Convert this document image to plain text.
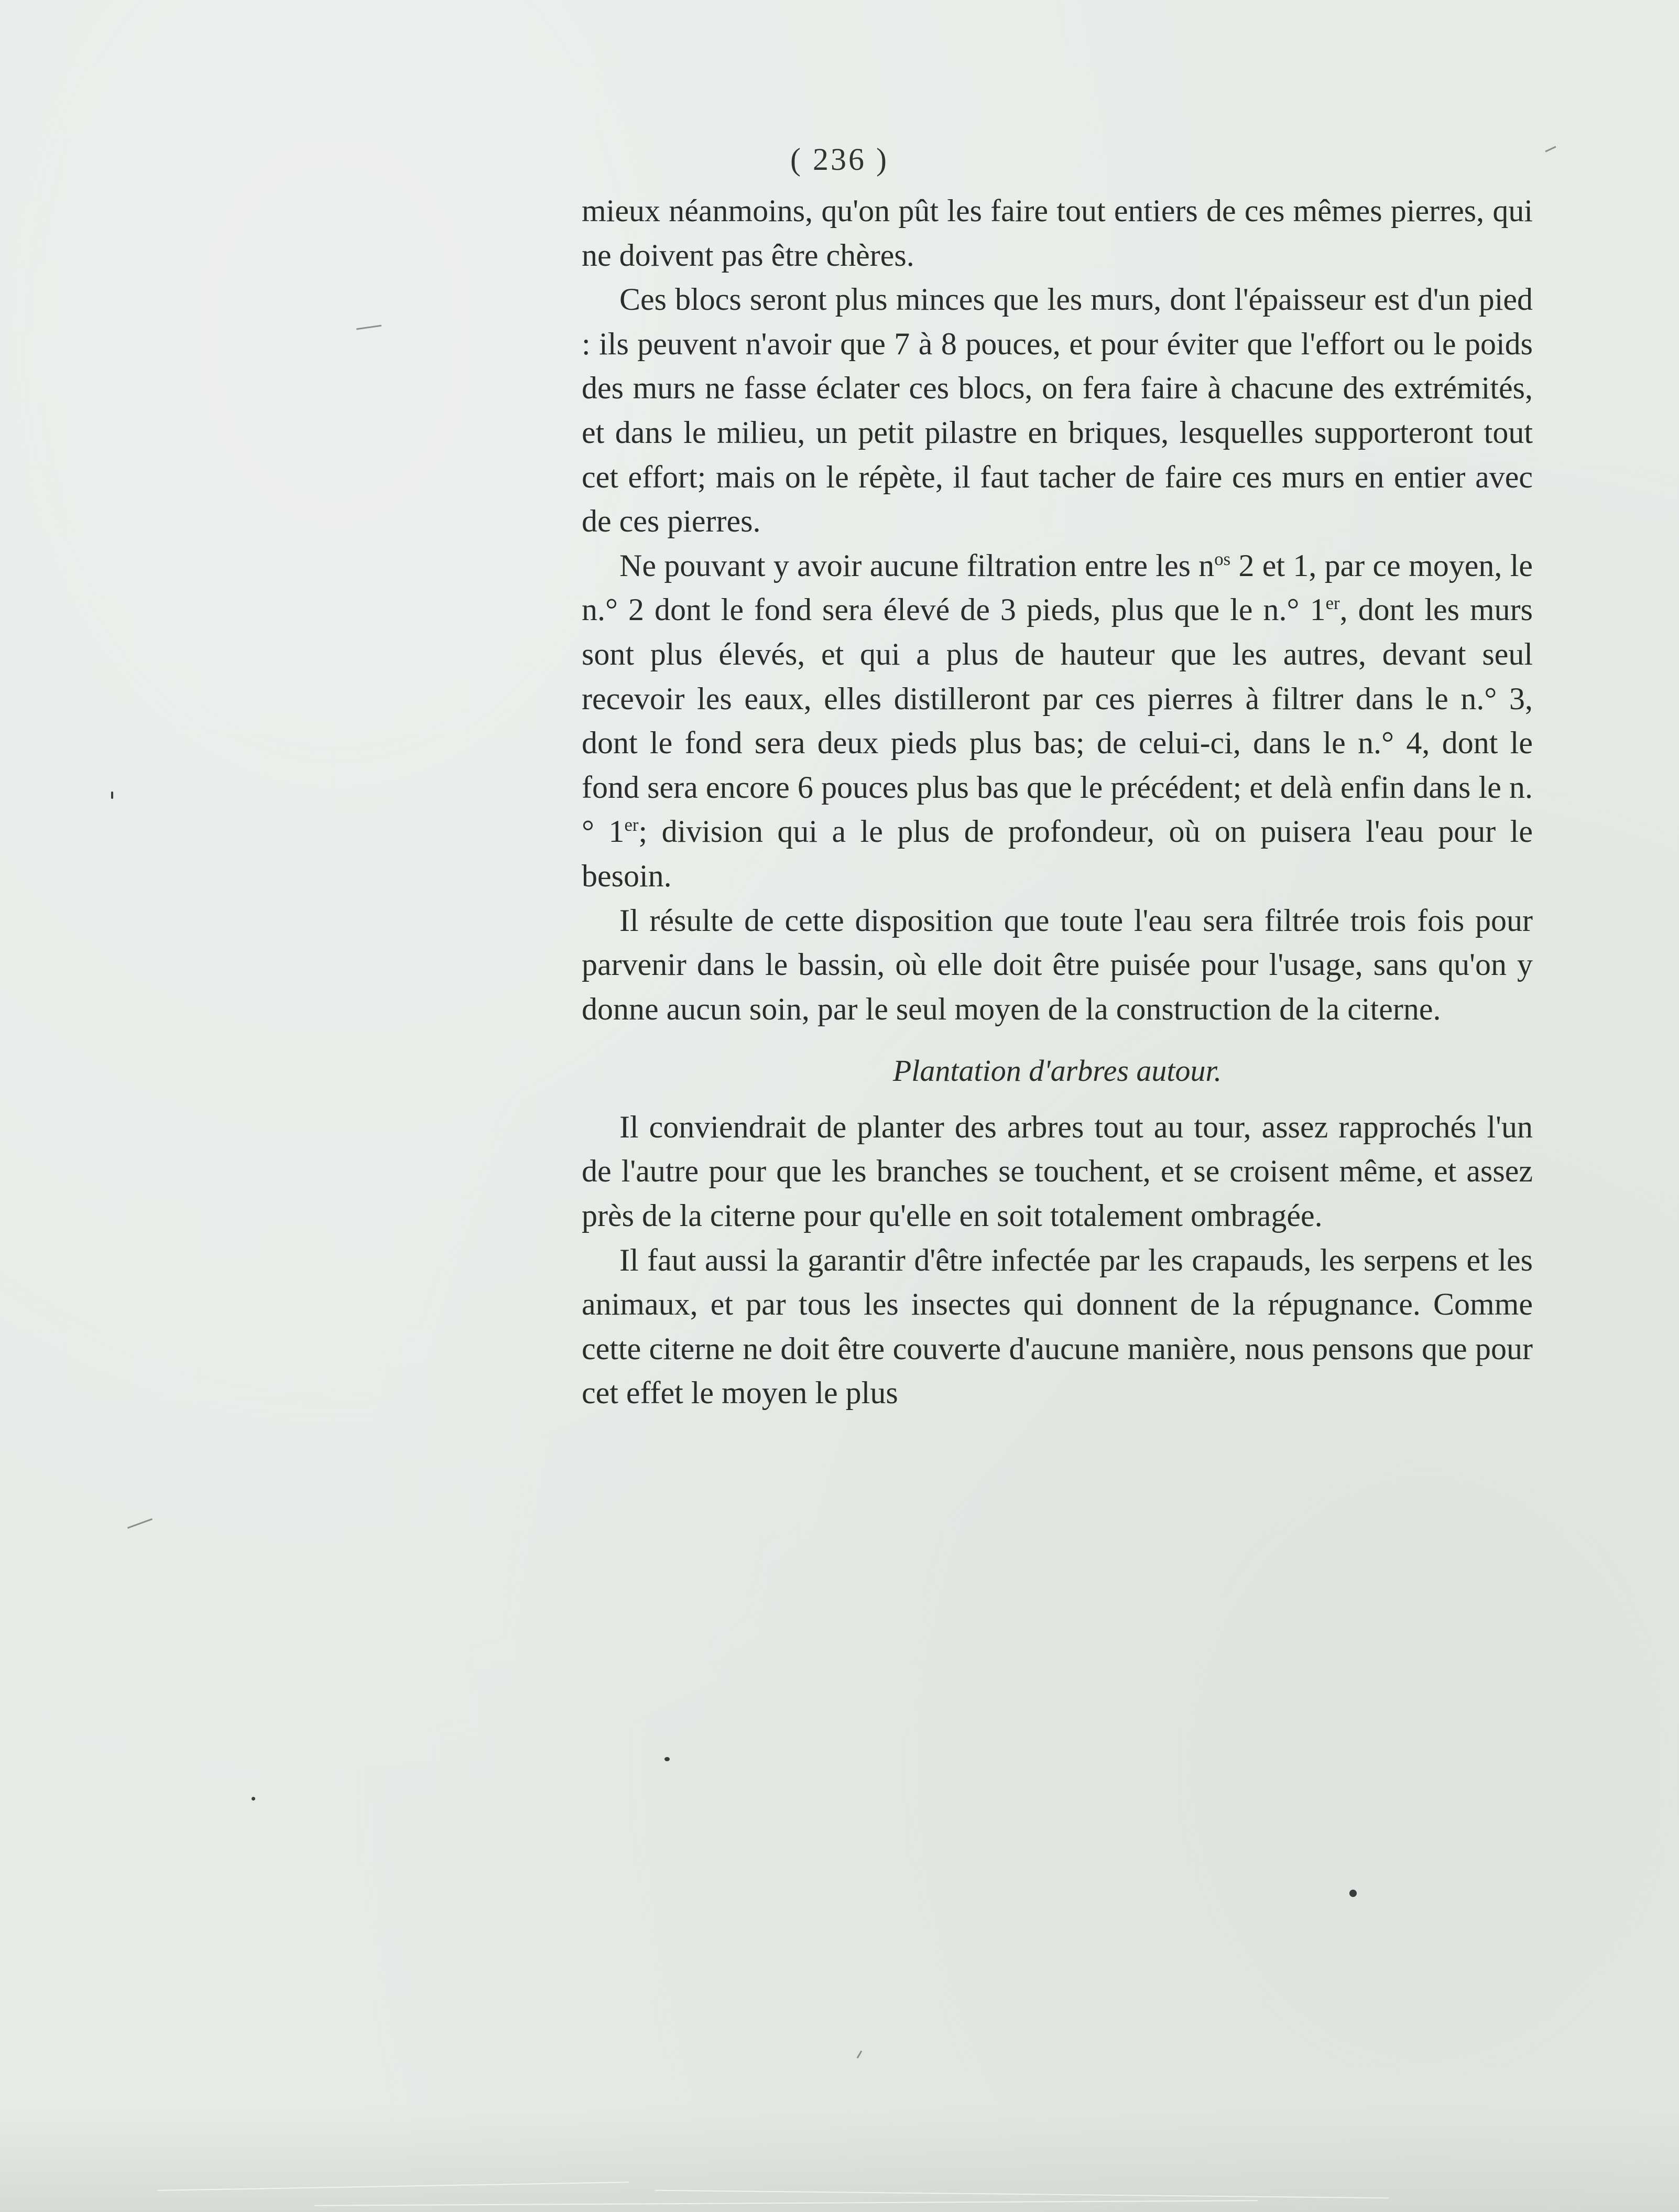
( 236 )

mieux néanmoins, qu'on pût les faire tout entiers de ces mêmes pierres, qui ne doivent pas être chères.

Ces blocs seront plus minces que les murs, dont l'épaisseur est d'un pied : ils peuvent n'avoir que 7 à 8 pouces, et pour éviter que l'effort ou le poids des murs ne fasse éclater ces blocs, on fera faire à chacune des extrémités, et dans le milieu, un petit pilastre en briques, lesquelles supporteront tout cet effort; mais on le répète, il faut tacher de faire ces murs en entier avec de ces pierres.

Ne pouvant y avoir aucune filtration entre les $n^{os}$ 2 et 1, par ce moyen, le n.° 2 dont le fond sera élevé de 3 pieds, plus que le n.° 1er, dont les murs sont plus élevés, et qui a plus de hauteur que les autres, devant seul recevoir les eaux, elles distilleront par ces pierres à filtrer dans le n.° 3, dont le fond sera deux pieds plus bas; de celui-ci, dans le n.° 4, dont le fond sera encore 6 pouces plus bas que le précédent; et delà enfin dans le n.° 1er; division qui a le plus de profondeur, où on puisera l'eau pour le besoin.

Il résulte de cette disposition que toute l'eau sera filtrée trois fois pour parvenir dans le bassin, où elle doit être puisée pour l'usage, sans qu'on y donne aucun soin, par le seul moyen de la construction de la citerne.

Plantation d'arbres autour.

Il conviendrait de planter des arbres tout au tour, assez rapprochés l'un de l'autre pour que les branches se touchent, et se croisent même, et assez près de la citerne pour qu'elle en soit totalement ombragée.

Il faut aussi la garantir d'être infectée par les crapauds, les serpens et les animaux, et par tous les insectes qui donnent de la répugnance. Comme cette citerne ne doit être couverte d'aucune manière, nous pensons que pour cet effet le moyen le plus
